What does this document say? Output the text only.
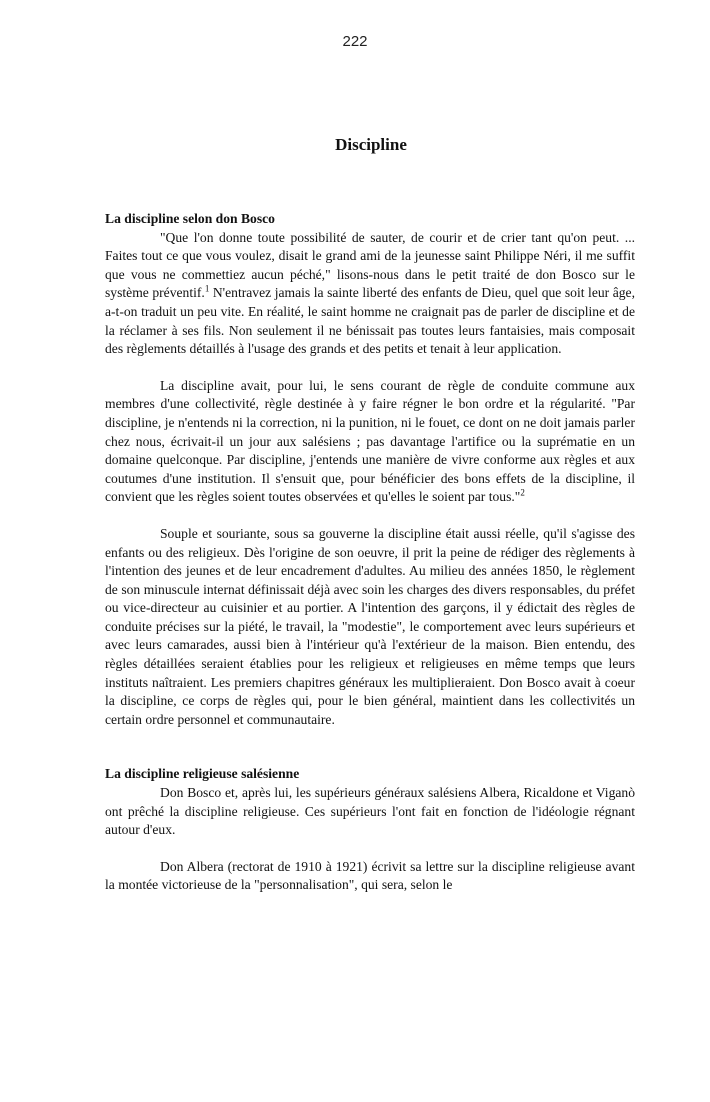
222
Discipline

La discipline selon don Bosco

"Que l'on donne toute possibilité de sauter, de courir et de crier tant qu'on peut. ... Faites tout ce que vous voulez, disait le grand ami de la jeunesse saint Philippe Néri, il me suffit que vous ne commettiez aucun péché," lisons-nous dans le petit traité de don Bosco sur le système préventif.$^1$ N'entravez jamais la sainte liberté des enfants de Dieu, quel que soit leur âge, a-t-on traduit un peu vite. En réalité, le saint homme ne craignait pas de parler de discipline et de la réclamer à ses fils. Non seulement il ne bénissait pas toutes leurs fantaisies, mais composait des règlements détaillés à l'usage des grands et des petits et tenait à leur application.

La discipline avait, pour lui, le sens courant de règle de conduite commune aux membres d'une collectivité, règle destinée à y faire régner le bon ordre et la régularité. "Par discipline, je n'entends ni la correction, ni la punition, ni le fouet, ce dont on ne doit jamais parler chez nous, écrivait-il un jour aux salésiens ; pas davantage l'artifice ou la suprématie en un domaine quelconque. Par discipline, j'entends une manière de vivre conforme aux règles et aux coutumes d'une institution. Il s'ensuit que, pour bénéficier des bons effets de la discipline, il convient que les règles soient toutes observées et qu'elles le soient par tous."$^2$

Souple et souriante, sous sa gouverne la discipline était aussi réelle, qu'il s'agisse des enfants ou des religieux. Dès l'origine de son oeuvre, il prit la peine de rédiger des règlements à l'intention des jeunes et de leur encadrement d'adultes. Au milieu des années 1850, le règlement de son minuscule internat définissait déjà avec soin les charges des divers responsables, du préfet ou vice-directeur au cuisinier et au portier. A l'intention des garçons, il y édictait des règles de conduite précises sur la piété, le travail, la "modestie", le comportement avec leurs supérieurs et avec leurs camarades, aussi bien à l'intérieur qu'à l'extérieur de la maison. Bien entendu, des règles détaillées seraient établies pour les religieux et religieuses en même temps que leurs instituts naîtraient. Les premiers chapitres généraux les multiplieraient. Don Bosco avait à coeur la discipline, ce corps de règles qui, pour le bien général, maintient dans les collectivités un certain ordre personnel et communautaire.

La discipline religieuse salésienne

Don Bosco et, après lui, les supérieurs généraux salésiens Albera, Ricaldone et Viganò ont prêché la discipline religieuse. Ces supérieurs l'ont fait en fonction de l'idéologie régnant autour d'eux.

Don Albera (rectorat de 1910 à 1921) écrivit sa lettre sur la discipline religieuse avant la montée victorieuse de la "personnalisation", qui sera, selon le
